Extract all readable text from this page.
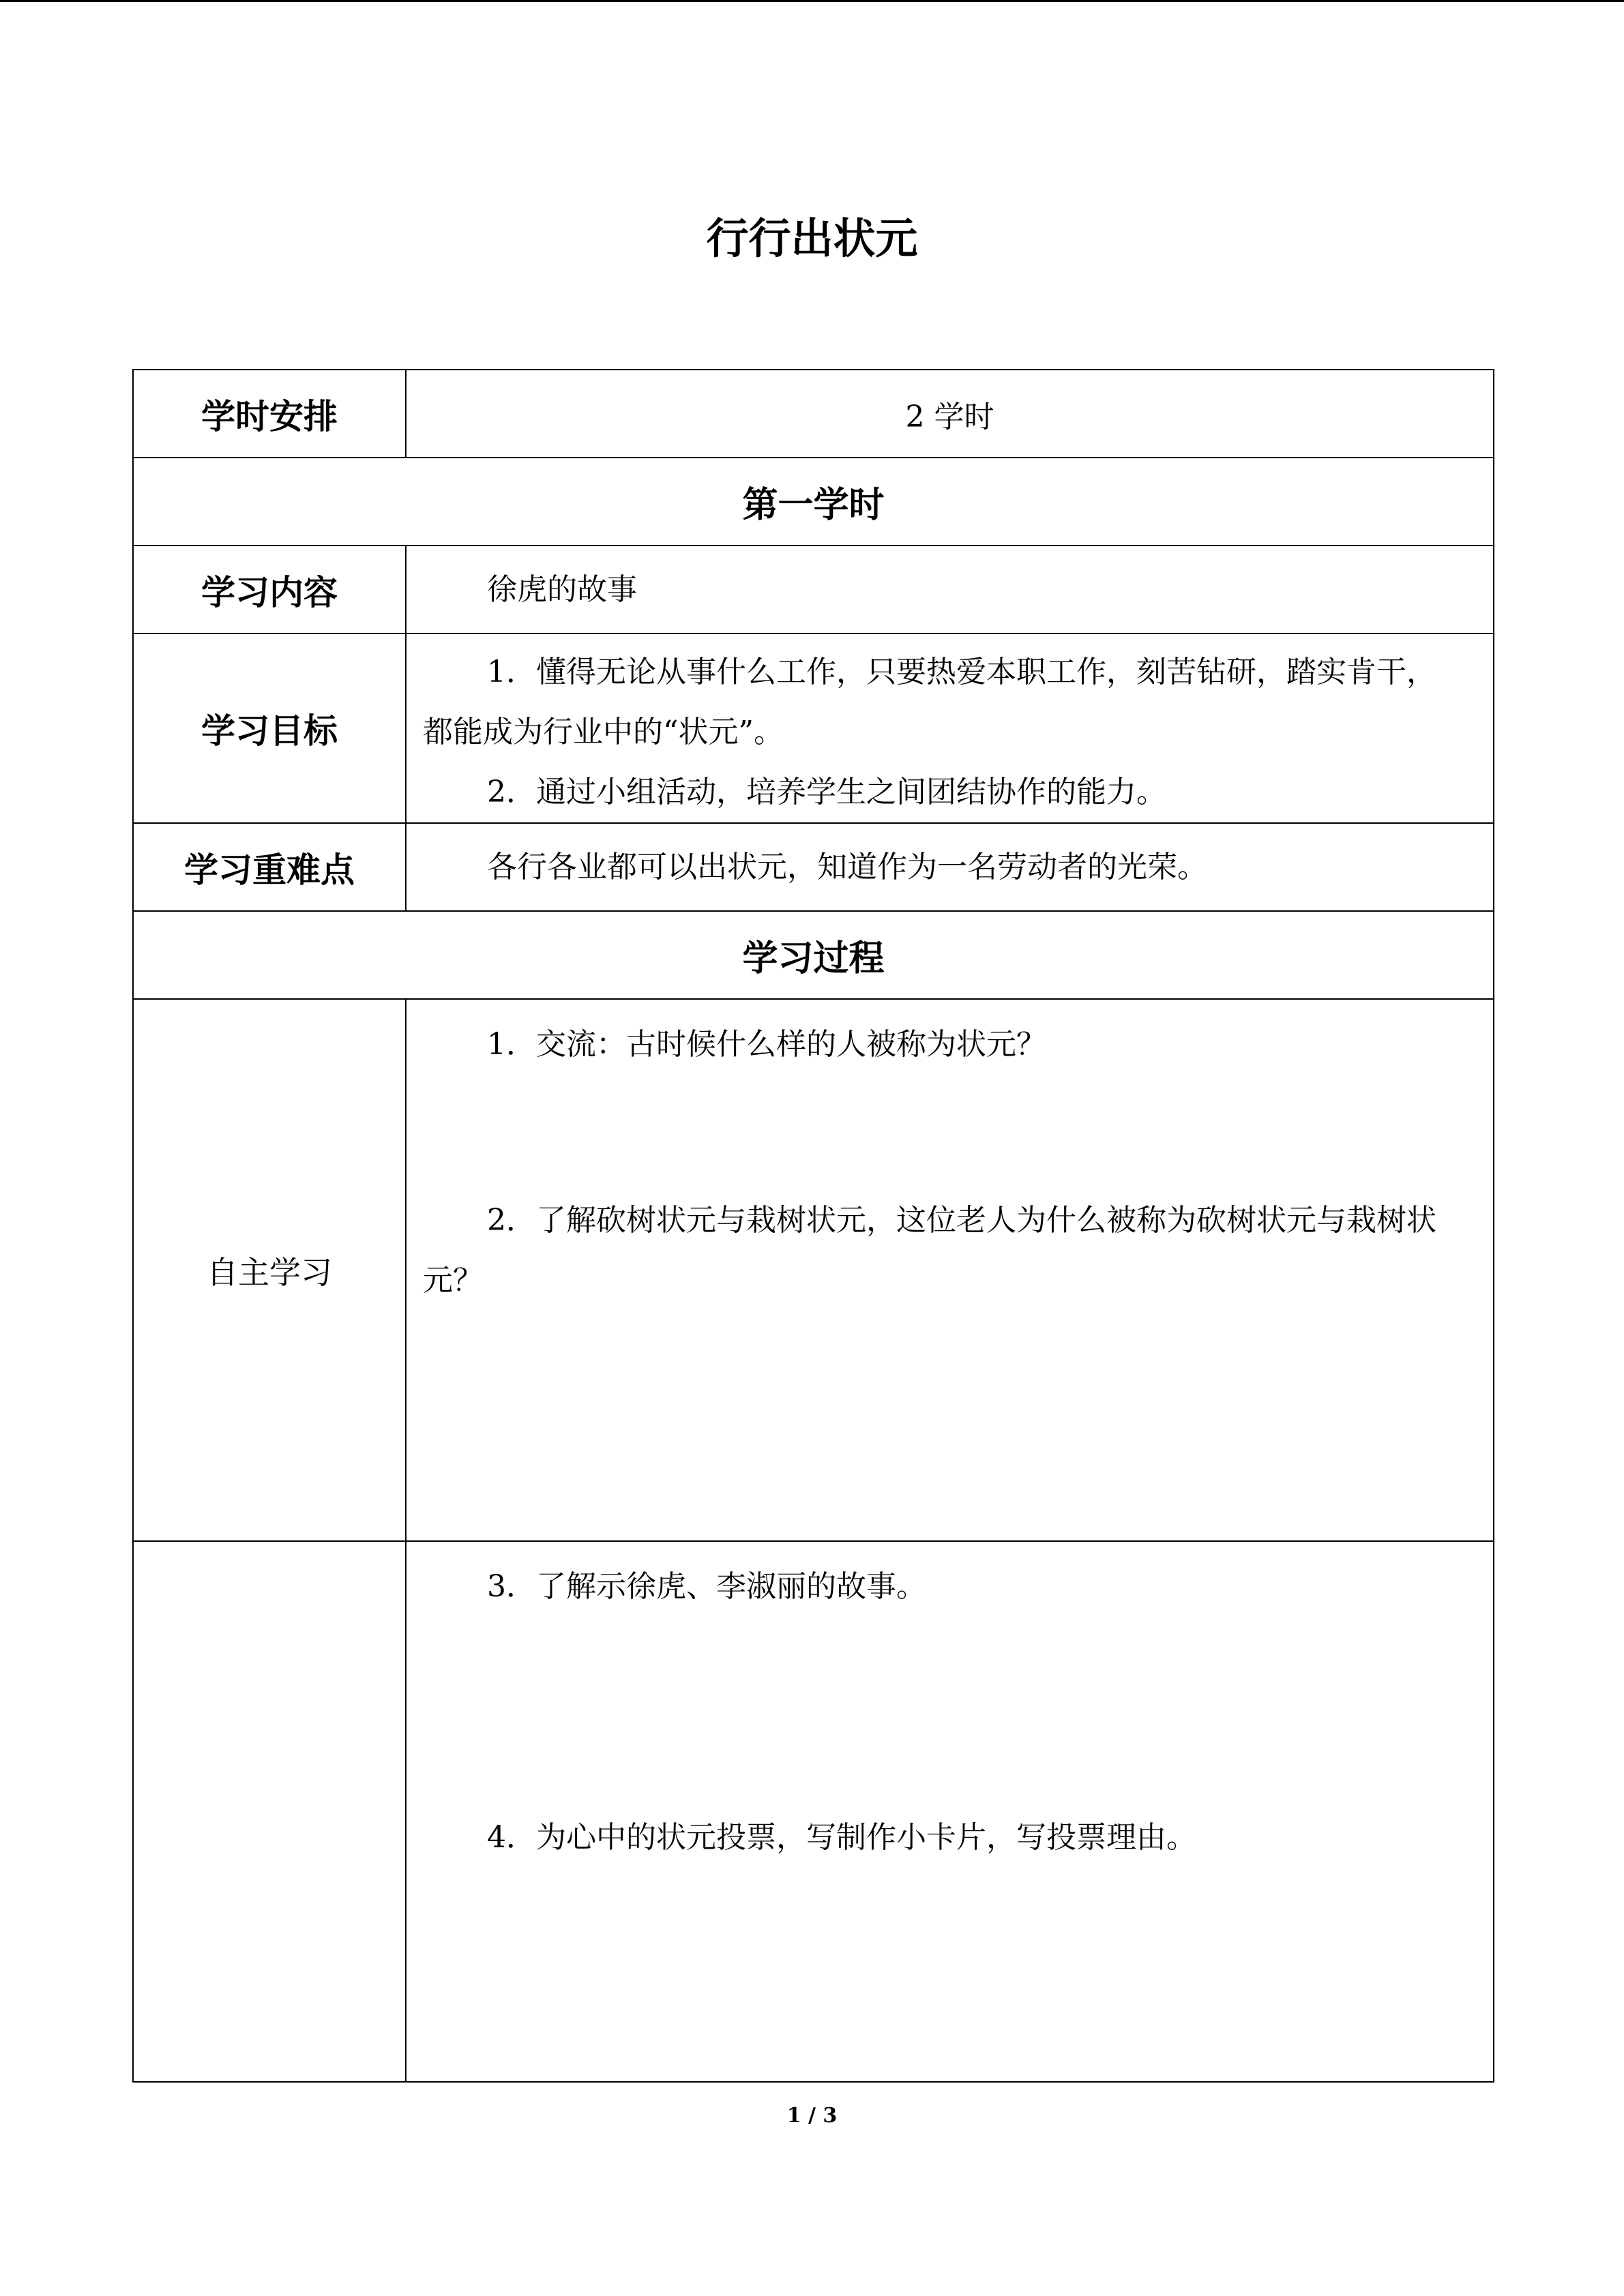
行行出状元
学时安排	2 学时
第一学时	
学习内容	徐虎的故事

学习目标	1．懂得无论从事什么工作，只要热爱本职工作，刻苦钻研，踏实肯干，都能成为行业中的“状元”。

2．通过小组活动，培养学生之间团结协作的能力。

学习重难点	各行各业都可以出状元，知道作为一名劳动者的光荣。

学习过程	
自主学习	1．交流：古时候什么样的人被称为状元？

2．了解砍树状元与栽树状元，这位老人为什么被称为砍树状元与栽树状元？

	3．了解示徐虎、李淑丽的故事。

4．为心中的状元投票，写制作小卡片，写投票理由。

1 / 3
